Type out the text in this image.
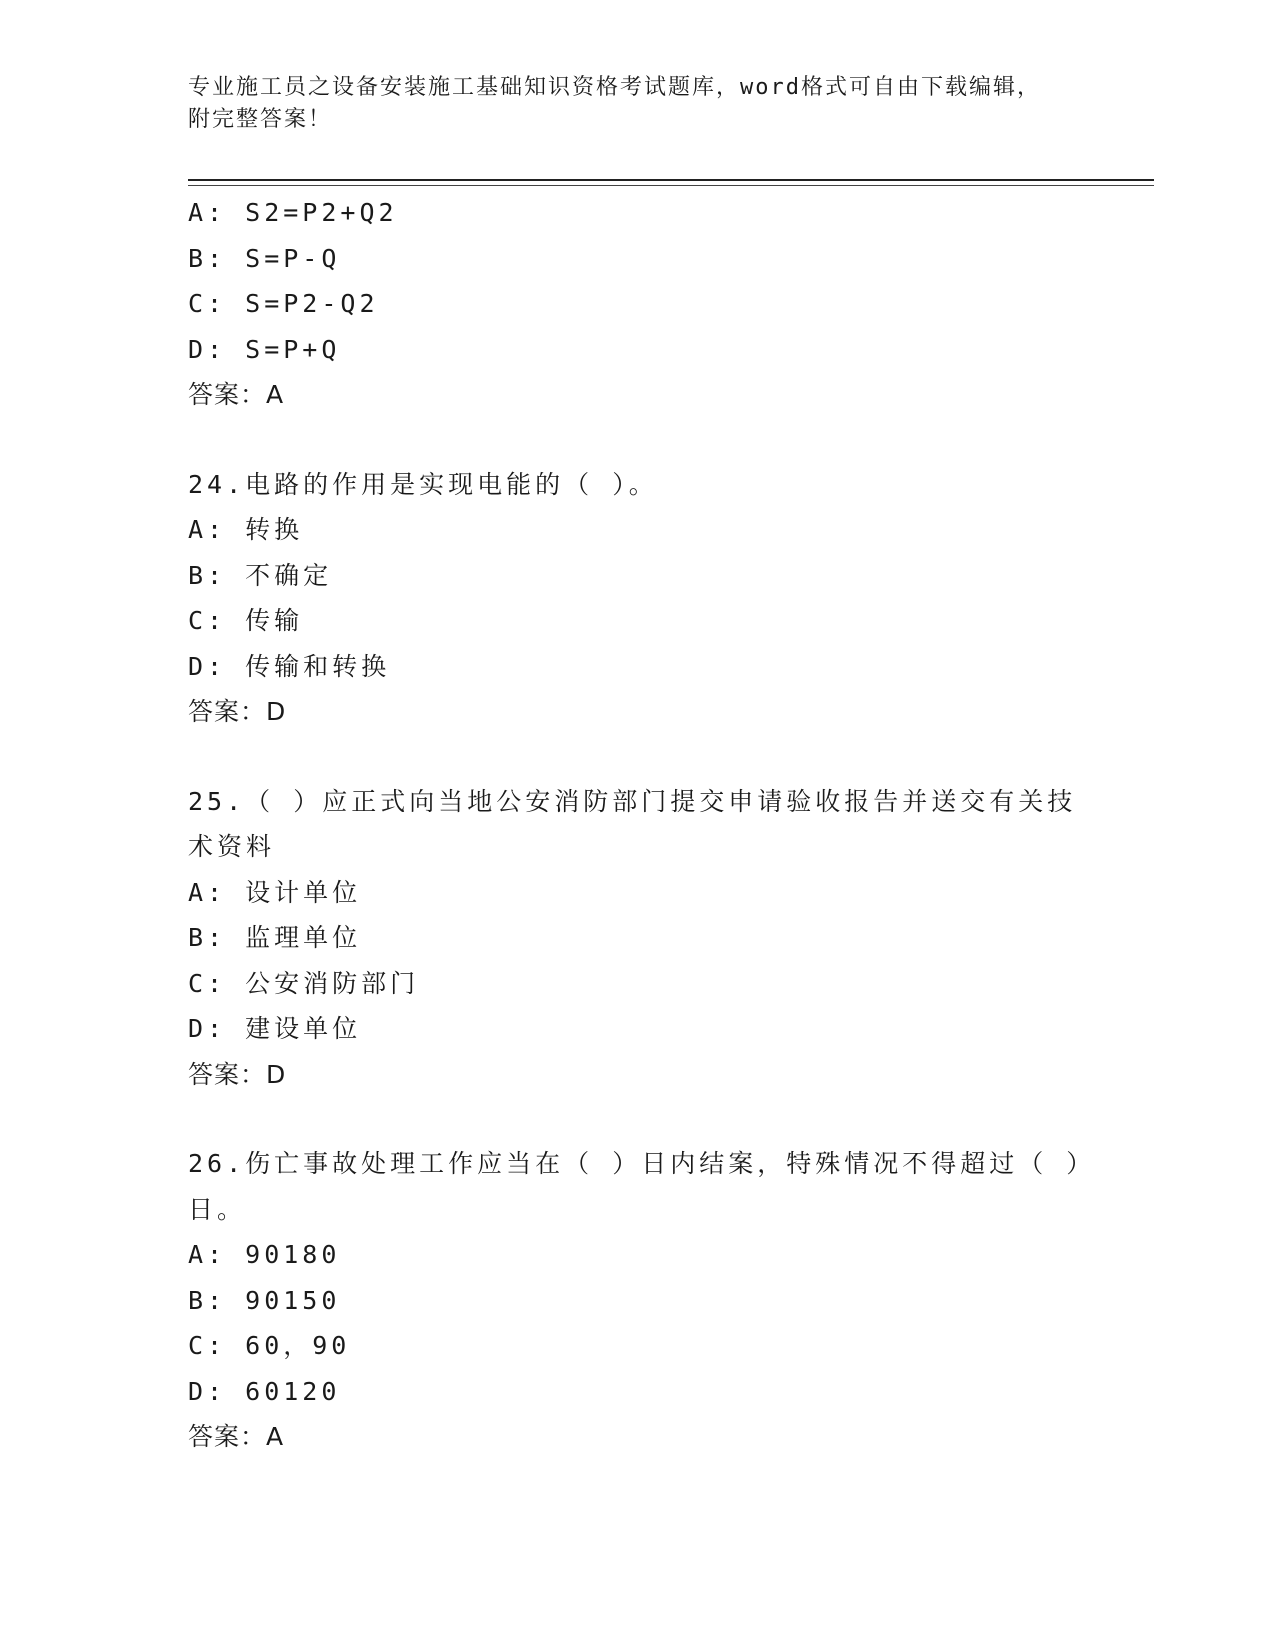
专业施工员之设备安装施工基础知识资格考试题库，word格式可自由下载编辑，
附完整答案！
A: S2=P2+Q2
B: S=P-Q
C: S=P2-Q2
D: S=P+Q
答案：A
24.电路的作用是实现电能的（ ）。
A: 转换
B: 不确定
C: 传输
D: 传输和转换
答案：D
25.（ ）应正式向当地公安消防部门提交申请验收报告并送交有关技
术资料
A: 设计单位
B: 监理单位
C: 公安消防部门
D: 建设单位
答案：D
26.伤亡事故处理工作应当在（ ）日内结案，特殊情况不得超过（ ）
日。
A: 90180
B: 90150
C: 60，90
D: 60120
答案：A
